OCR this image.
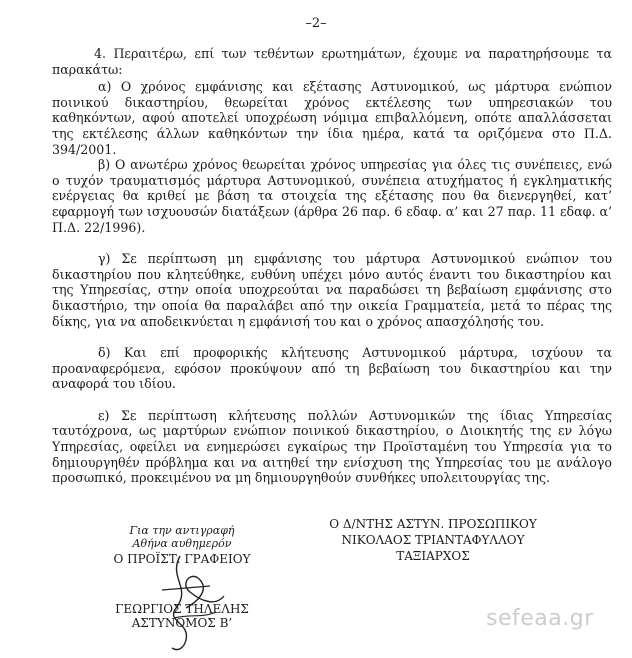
–2–

4. Περαιτέρω, επί των τεθέντων ερωτημάτων, έχουμε να παρατηρήσουμε τα παρακάτω:

α) Ο χρόνος εμφάνισης και εξέτασης Αστυνομικού, ως μάρτυρα ενώπιον ποινικού δικαστηρίου, θεωρείται χρόνος εκτέλεσης των υπηρεσιακών του καθηκόντων, αφού αποτελεί υποχρέωση νόμιμα επιβαλλόμενη, οπότε απαλλάσσεται της εκτέλεσης άλλων καθηκόντων την ίδια ημέρα, κατά τα οριζόμενα στο Π.Δ. 394/2001.

β) Ο ανωτέρω χρόνος θεωρείται χρόνος υπηρεσίας για όλες τις συνέπειες, ενώ ο τυχόν τραυματισμός μάρτυρα Αστυνομικού, συνέπεια ατυχήματος ή εγκληματικής ενέργειας θα κριθεί με βάση τα στοιχεία της εξέτασης που θα διενεργηθεί, κατ’ εφαρμογή των ισχυουσών διατάξεων (άρθρα 26 παρ. 6 εδαφ. α’ και 27 παρ. 11 εδαφ. α’ Π.Δ. 22/1996).

γ) Σε περίπτωση μη εμφάνισης του μάρτυρα Αστυνομικού ενώπιον του δικαστηρίου που κλητεύθηκε, ευθύνη υπέχει μόνο αυτός έναντι του δικαστηρίου και της Υπηρεσίας, στην οποία υποχρεούται να παραδώσει τη βεβαίωση εμφάνισης στο δικαστήριο, την οποία θα παραλάβει από την οικεία Γραμματεία, μετά το πέρας της δίκης, για να αποδεικνύεται η εμφάνισή του και ο χρόνος απασχόλησής του.

δ) Και επί προφορικής κλήτευσης Αστυνομικού μάρτυρα, ισχύουν τα προαναφερόμενα, εφόσον προκύψουν από τη βεβαίωση του δικαστηρίου και την αναφορά του ιδίου.

ε) Σε περίπτωση κλήτευσης πολλών Αστυνομικών της ίδιας Υπηρεσίας ταυτόχρονα, ως μαρτύρων ενώπιον ποινικού δικαστηρίου, ο Διοικητής της εν λόγω Υπηρεσίας, οφείλει να ενημερώσει εγκαίρως την Προϊσταμένη του Υπηρεσία για το δημιουργηθέν πρόβλημα και να αιτηθεί την ενίσχυση της Υπηρεσίας του με ανάλογο προσωπικό, προκειμένου να μη δημιουργηθούν συνθήκες υπολειτουργίας της.

Για την αντιγραφή
Αθήνα αυθημερόν
Ο ΠΡΟΪΣΤ. ΓΡΑΦΕΙΟΥ
ΓΕΩΡΓΙΟΣ ΤΗΛΕΛΗΣ
ΑΣΤΥΝΟΜΟΣ Β’
Ο Δ/ΝΤΗΣ ΑΣΤΥΝ. ΠΡΟΣΩΠΙΚΟΥ
ΝΙΚΟΛΑΟΣ ΤΡΙΑΝΤΑΦΥΛΛΟΥ
ΤΑΞΙΑΡΧΟΣ
sefeaa.gr
